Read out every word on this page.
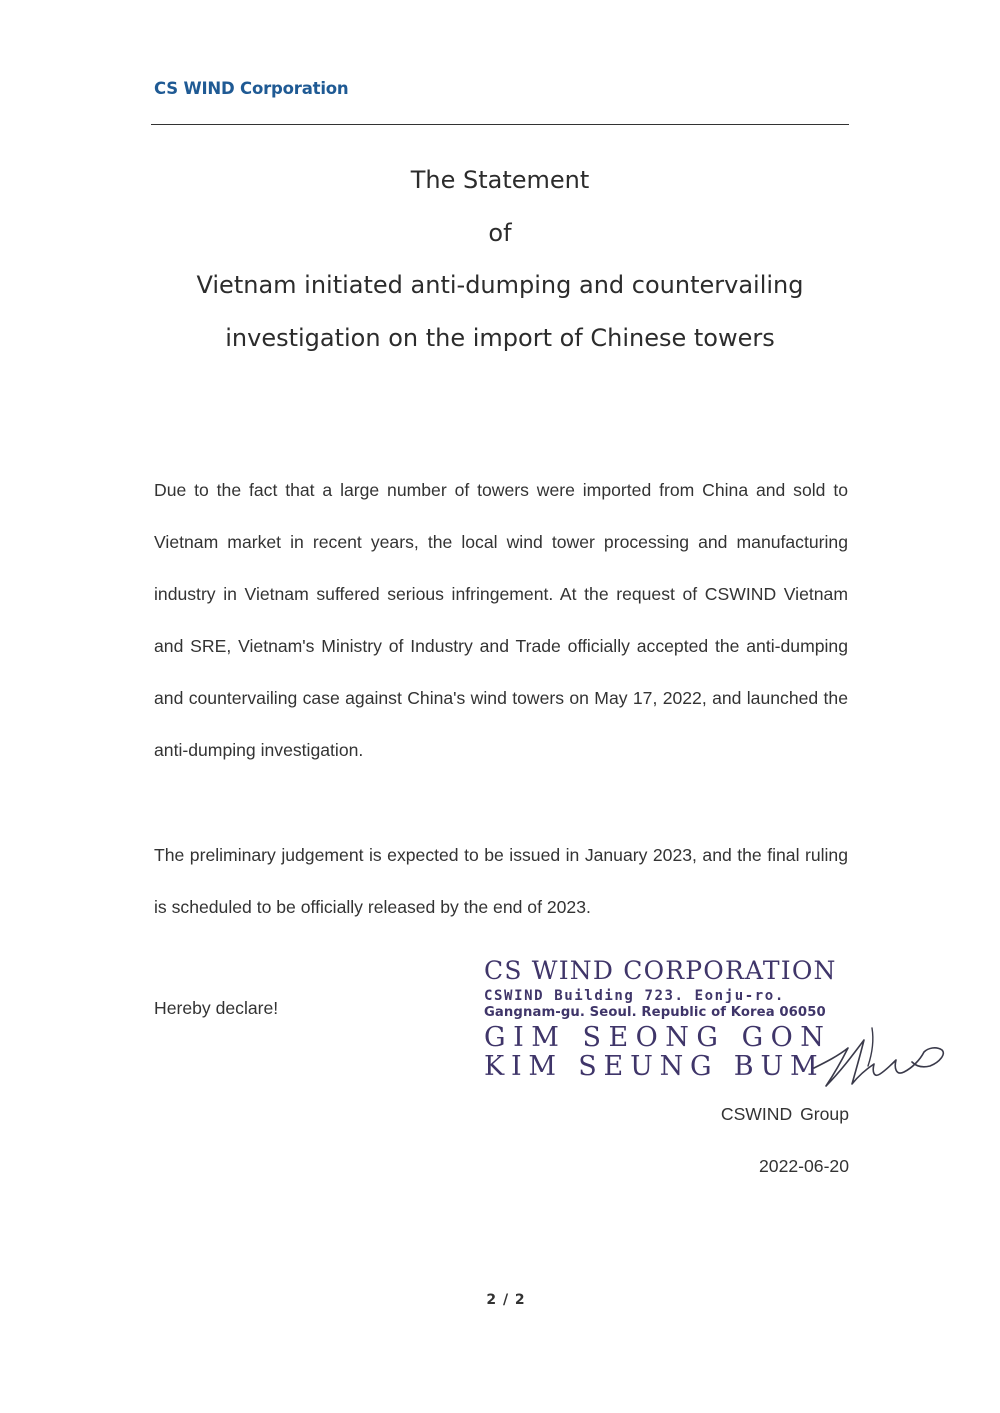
CS WIND Corporation
The Statement
of
Vietnam initiated anti-dumping and countervailing
investigation on the import of Chinese towers

Due to the fact that a large number of towers were imported from China and sold to Vietnam market in recent years, the local wind tower processing and manufacturing industry in Vietnam suffered serious infringement. At the request of CSWIND Vietnam and SRE, Vietnam's Ministry of Industry and Trade officially accepted the anti-dumping and countervailing case against China's wind towers on May 17, 2022, and launched the anti-dumping investigation.

The preliminary judgement is expected to be issued in January 2023, and the final ruling is scheduled to be officially released by the end of 2023.

Hereby declare!
CS WIND CORPORATION
CSWIND Building 723. Eonju-ro.
Gangnam-gu. Seoul. Republic of Korea 06050
GIM SEONG GON
KIM SEUNG BUM
CSWIND Group
2022-06-20
2 / 2
